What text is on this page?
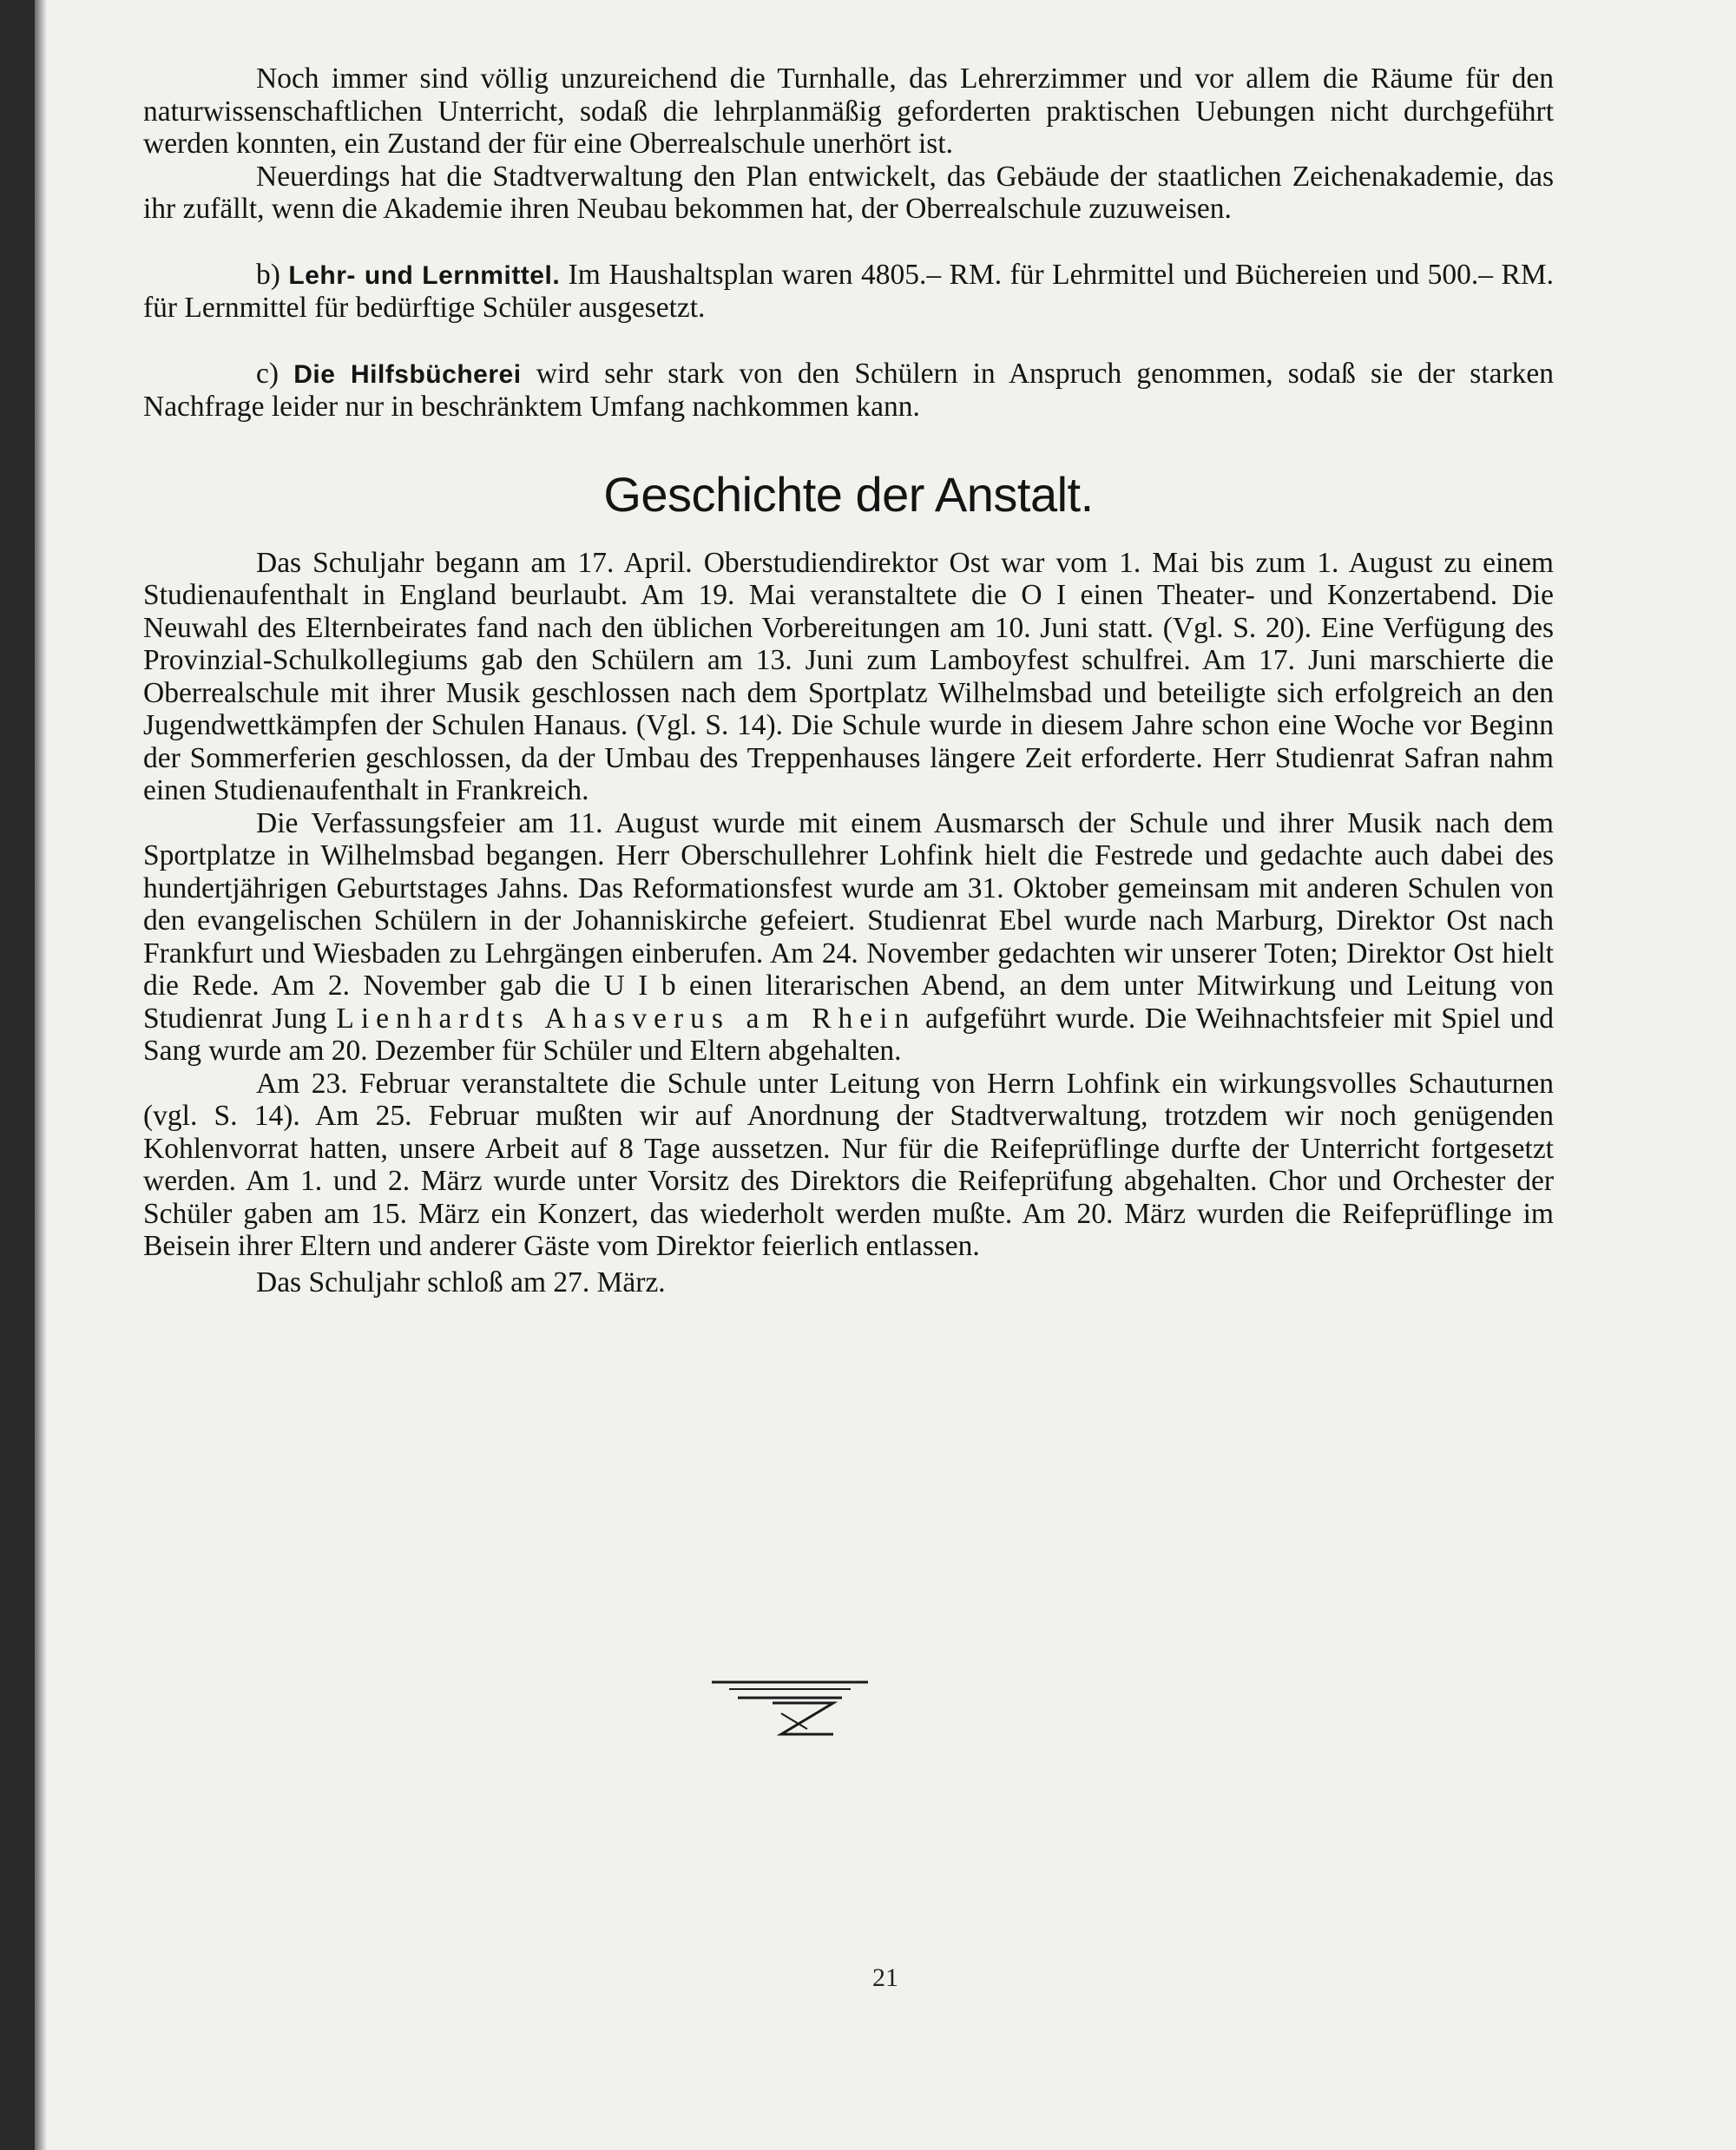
Noch immer sind völlig unzureichend die Turnhalle, das Lehrerzimmer und vor allem die Räume für den naturwissenschaftlichen Unterricht, sodaß die lehrplanmäßig geforderten praktischen Uebungen nicht durchgeführt werden konnten, ein Zustand der für eine Oberrealschule unerhört ist.

Neuerdings hat die Stadtverwaltung den Plan entwickelt, das Gebäude der staatlichen Zeichenakademie, das ihr zufällt, wenn die Akademie ihren Neubau bekommen hat, der Oberrealschule zuzuweisen.

b) Lehr- und Lernmittel. Im Haushaltsplan waren 4805.– RM. für Lehrmittel und Büchereien und 500.– RM. für Lernmittel für bedürftige Schüler ausgesetzt.

c) Die Hilfsbücherei wird sehr stark von den Schülern in Anspruch genommen, sodaß sie der starken Nachfrage leider nur in beschränktem Umfang nachkommen kann.

Geschichte der Anstalt.

Das Schuljahr begann am 17. April. Oberstudiendirektor Ost war vom 1. Mai bis zum 1. August zu einem Studienaufenthalt in England beurlaubt. Am 19. Mai veranstaltete die O I einen Theater- und Konzertabend. Die Neuwahl des Elternbeirates fand nach den üblichen Vorbereitungen am 10. Juni statt. (Vgl. S. 20). Eine Verfügung des Provinzial-Schulkollegiums gab den Schülern am 13. Juni zum Lamboyfest schulfrei. Am 17. Juni marschierte die Oberrealschule mit ihrer Musik geschlossen nach dem Sportplatz Wilhelmsbad und beteiligte sich erfolgreich an den Jugendwettkämpfen der Schulen Hanaus. (Vgl. S. 14). Die Schule wurde in diesem Jahre schon eine Woche vor Beginn der Sommerferien geschlossen, da der Umbau des Treppenhauses längere Zeit erforderte. Herr Studienrat Safran nahm einen Studienaufenthalt in Frankreich.

Die Verfassungsfeier am 11. August wurde mit einem Ausmarsch der Schule und ihrer Musik nach dem Sportplatze in Wilhelmsbad begangen. Herr Oberschullehrer Lohfink hielt die Festrede und gedachte auch dabei des hundertjährigen Geburtstages Jahns. Das Reformationsfest wurde am 31. Oktober gemeinsam mit anderen Schulen von den evangelischen Schülern in der Johanniskirche gefeiert. Studienrat Ebel wurde nach Marburg, Direktor Ost nach Frankfurt und Wiesbaden zu Lehrgängen einberufen. Am 24. November gedachten wir unserer Toten; Direktor Ost hielt die Rede. Am 2. November gab die U I b einen literarischen Abend, an dem unter Mitwirkung und Leitung von Studienrat Jung Lienhardts Ahasverus am Rhein aufgeführt wurde. Die Weihnachtsfeier mit Spiel und Sang wurde am 20. Dezember für Schüler und Eltern abgehalten.

Am 23. Februar veranstaltete die Schule unter Leitung von Herrn Lohfink ein wirkungsvolles Schauturnen (vgl. S. 14). Am 25. Februar mußten wir auf Anordnung der Stadtverwaltung, trotzdem wir noch genügenden Kohlenvorrat hatten, unsere Arbeit auf 8 Tage aussetzen. Nur für die Reifeprüflinge durfte der Unterricht fortgesetzt werden. Am 1. und 2. März wurde unter Vorsitz des Direktors die Reifeprüfung abgehalten. Chor und Orchester der Schüler gaben am 15. März ein Konzert, das wiederholt werden mußte. Am 20. März wurden die Reifeprüflinge im Beisein ihrer Eltern und anderer Gäste vom Direktor feierlich entlassen.

Das Schuljahr schloß am 27. März.

21
